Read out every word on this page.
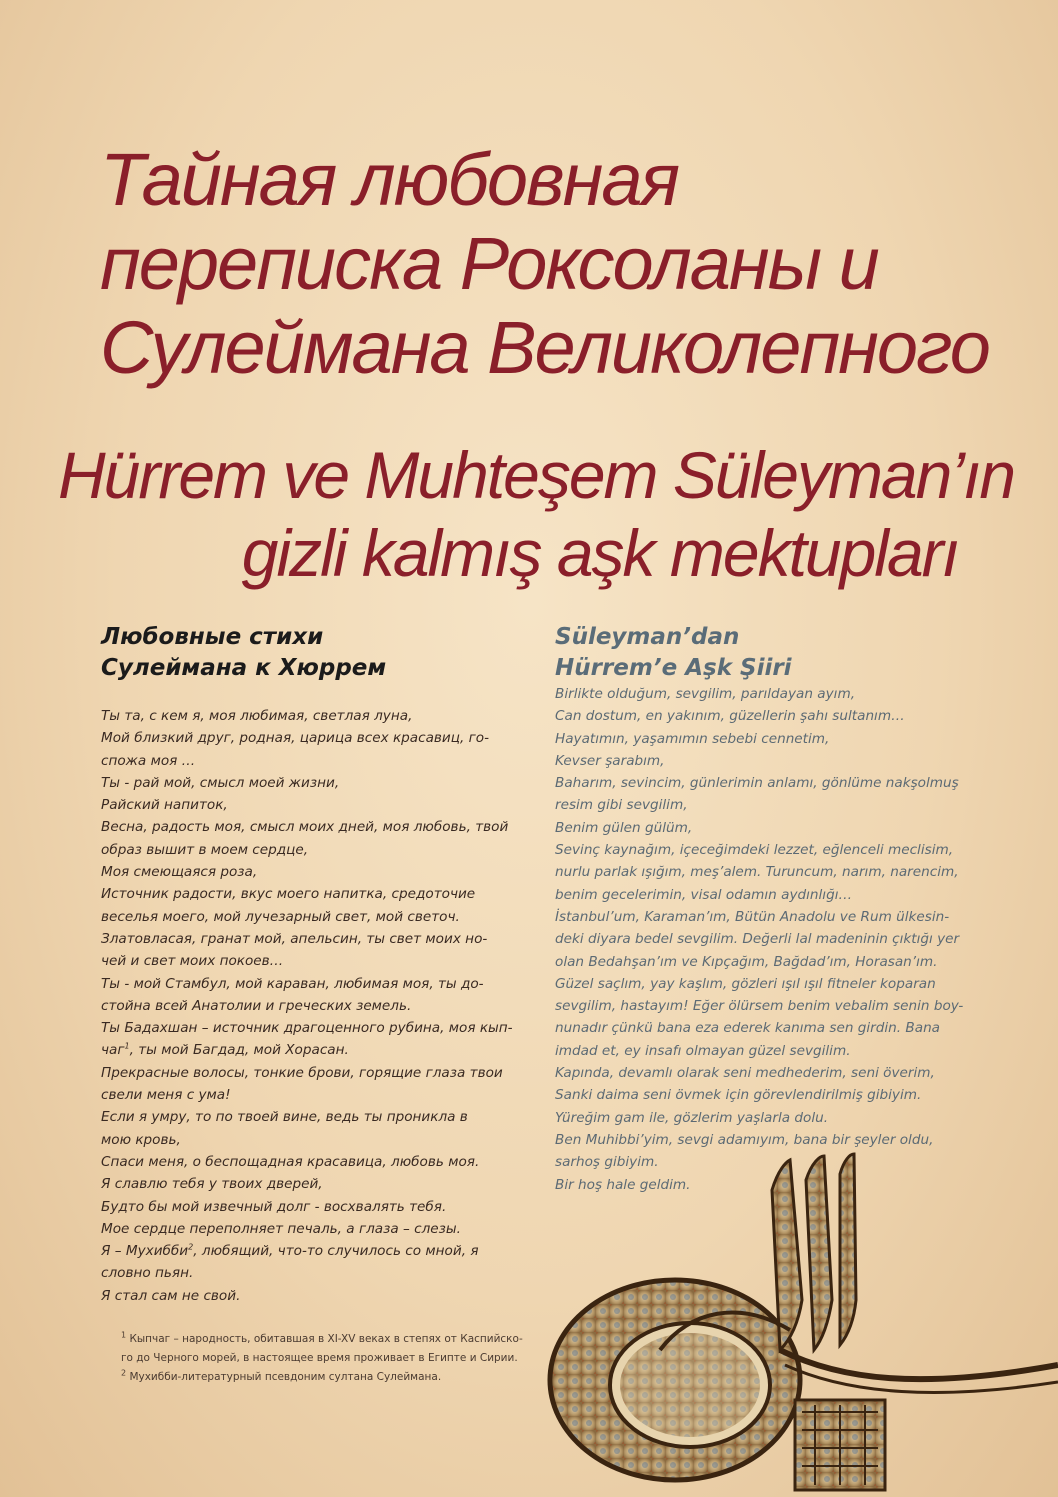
Тайная любовная
переписка Роксоланы и
Сулеймана Великолепного
Hürrem ve Muhteşem Süleyman’ın
gizli kalmış aşk mektupları
Любовные стихи
Сулеймана к Хюррем
Süleyman’dan
Hürrem’e Aşk Şiiri
Ты та, с кем я, моя любимая, светлая луна,
Мой близкий друг, родная, царица всех красавиц, го-
спожа моя …
Ты - рай мой, смысл моей жизни,
Райский напиток,
Весна, радость моя, смысл моих дней, моя любовь, твой
образ вышит в моем сердце,
Моя смеющаяся роза,
Источник радости, вкус моего напитка, средоточие
веселья моего, мой лучезарный свет, мой светоч.
Златовласая, гранат мой, апельсин, ты свет моих но-
чей и свет моих покоев…
Ты - мой Стамбул, мой караван, любимая моя, ты до-
стойна всей Анатолии и греческих земель.
Ты Бадахшан – источник драгоценного рубина, моя кып-
чаг$^1$, ты мой Багдад, мой Хорасан.
Прекрасные волосы, тонкие брови, горящие глаза твои
свели меня с ума!
Если я умру, то по твоей вине, ведь ты проникла в
мою кровь,
Спаси меня, о беспощадная красавица, любовь моя.
Я славлю тебя у твоих дверей,
Будто бы мой извечный долг - восхвалять тебя.
Мое сердце переполняет печаль, а глаза – слезы.
Я – Мухибби$^2$, любящий, что-то случилось со мной, я
словно пьян.
Я стал сам не свой.
Birlikte olduğum, sevgilim, parıldayan ayım,
Can dostum, en yakınım, güzellerin şahı sultanım…
Hayatımın, yaşamımın sebebi cennetim,
Kevser şarabım,
Baharım, sevincim, günlerimin anlamı, gönlüme nakşolmuş
resim gibi sevgilim,
Benim gülen gülüm,
Sevinç kaynağım, içeceğimdeki lezzet, eğlenceli meclisim,
nurlu parlak ışığım, meş’alem. Turuncum, narım, narencim,
benim gecelerimin, visal odamın aydınlığı…
İstanbul’um, Karaman’ım, Bütün Anadolu ve Rum ülkesin-
deki diyara bedel sevgilim. Değerli lal madeninin çıktığı yer
olan Bedahşan’ım ve Kıpçağım, Bağdad’ım, Horasan’ım.
Güzel saçlım, yay kaşlım, gözleri ışıl ışıl fitneler koparan
sevgilim, hastayım! Eğer ölürsem benim vebalim senin boy-
nunadır çünkü bana eza ederek kanıma sen girdin. Bana
imdad et, ey insafı olmayan güzel sevgilim.
Kapında, devamlı olarak seni medhederim, seni överim,
Sanki daima seni övmek için görevlendirilmiş gibiyim.
Yüreğim gam ile, gözlerim yaşlarla dolu.
Ben Muhibbi’yim, sevgi adamıyım, bana bir şeyler oldu,
sarhoş gibiyim.
Bir hoş hale geldim.
$^1$ Кыпчаг – народность, обитавшая в XI-XV веках в степях от Каспийско-
го до Черного морей, в настоящее время проживает в Египте и Сирии.
$^2$ Мухибби-литературный псевдоним султана Сулеймана.
